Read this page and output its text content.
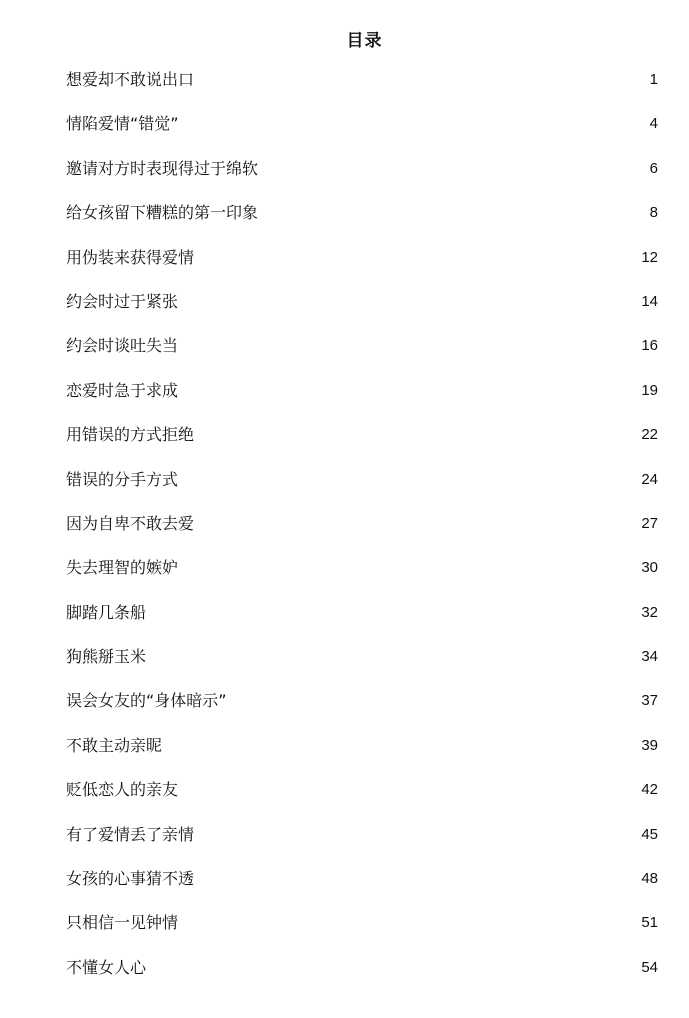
目录
想爱却不敢说出口	1
情陷爱情“错觉”	4
邀请对方时表现得过于绵软	6
给女孩留下糟糕的第一印象	8
用伪装来获得爱情	12
约会时过于紧张	14
约会时谈吐失当	16
恋爱时急于求成	19
用错误的方式拒绝	22
错误的分手方式	24
因为自卑不敢去爱	27
失去理智的嫉妒	30
脚踏几条船	32
狗熊掰玉米	34
误会女友的“身体暗示”	37
不敢主动亲昵	39
贬低恋人的亲友	42
有了爱情丢了亲情	45
女孩的心事猜不透	48
只相信一见钟情	51
不懂女人心	54
